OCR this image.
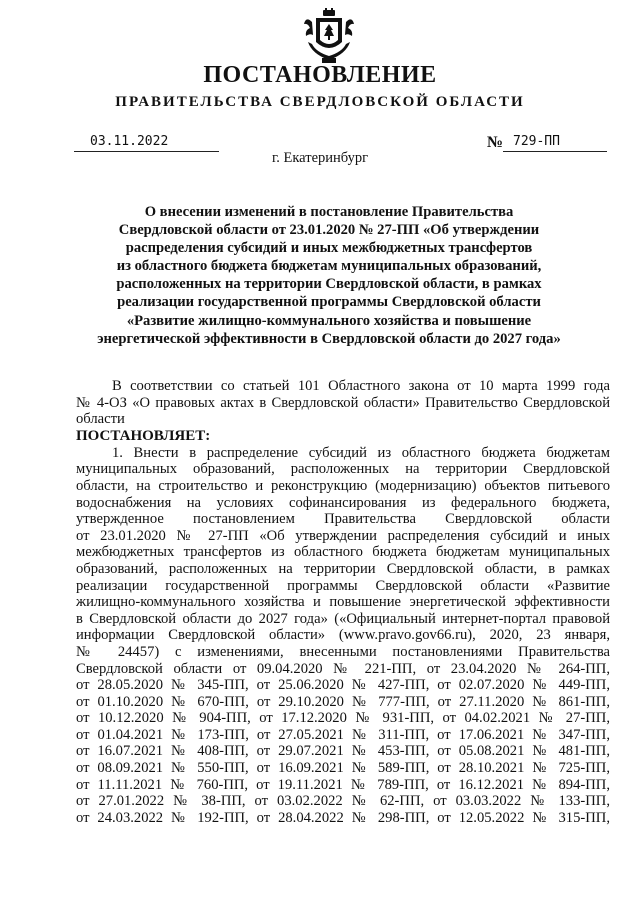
ПОСТАНОВЛЕНИЕ
ПРАВИТЕЛЬСТВА СВЕРДЛОВСКОЙ ОБЛАСТИ
03.11.2022	№ 729-ПП
г. Екатеринбург
О внесении изменений в постановление Правительства
Свердловской области от 23.01.2020 № 27-ПП «Об утверждении
распределения субсидий и иных межбюджетных трансфертов
из областного бюджета бюджетам муниципальных образований,
расположенных на территории Свердловской области, в рамках
реализации государственной программы Свердловской области
«Развитие жилищно-коммунального хозяйства и повышение
энергетической эффективности в Свердловской области до 2027 года»
В соответствии со статьей 101 Областного закона от 10 марта 1999 года
№ 4-ОЗ «О правовых актах в Свердловской области» Правительство Свердловской
области
ПОСТАНОВЛЯЕТ:
1. Внести в распределение субсидий из областного бюджета бюджетам
муниципальных образований, расположенных на территории Свердловской
области, на строительство и реконструкцию (модернизацию) объектов питьевого
водоснабжения на условиях софинансирования из федерального бюджета,
утвержденное постановлением Правительства Свердловской области
от 23.01.2020 № 27-ПП «Об утверждении распределения субсидий и иных
межбюджетных трансфертов из областного бюджета бюджетам муниципальных
образований, расположенных на территории Свердловской области, в рамках
реализации государственной программы Свердловской области «Развитие
жилищно-коммунального хозяйства и повышение энергетической эффективности
в Свердловской области до 2027 года» («Официальный интернет-портал правовой
информации Свердловской области» (www.pravo.gov66.ru), 2020, 23 января,
№ 24457) с изменениями, внесенными постановлениями Правительства
Свердловской области от 09.04.2020 № 221-ПП, от 23.04.2020 № 264-ПП,
от 28.05.2020 № 345-ПП, от 25.06.2020 № 427-ПП, от 02.07.2020 № 449-ПП,
от 01.10.2020 № 670-ПП, от 29.10.2020 № 777-ПП, от 27.11.2020 № 861-ПП,
от 10.12.2020 № 904-ПП, от 17.12.2020 № 931-ПП, от 04.02.2021 № 27-ПП,
от 01.04.2021 № 173-ПП, от 27.05.2021 № 311-ПП, от 17.06.2021 № 347-ПП,
от 16.07.2021 № 408-ПП, от 29.07.2021 № 453-ПП, от 05.08.2021 № 481-ПП,
от 08.09.2021 № 550-ПП, от 16.09.2021 № 589-ПП, от 28.10.2021 № 725-ПП,
от 11.11.2021 № 760-ПП, от 19.11.2021 № 789-ПП, от 16.12.2021 № 894-ПП,
от 27.01.2022 № 38-ПП, от 03.02.2022 № 62-ПП, от 03.03.2022 № 133-ПП,
от 24.03.2022 № 192-ПП, от 28.04.2022 № 298-ПП, от 12.05.2022 № 315-ПП,
